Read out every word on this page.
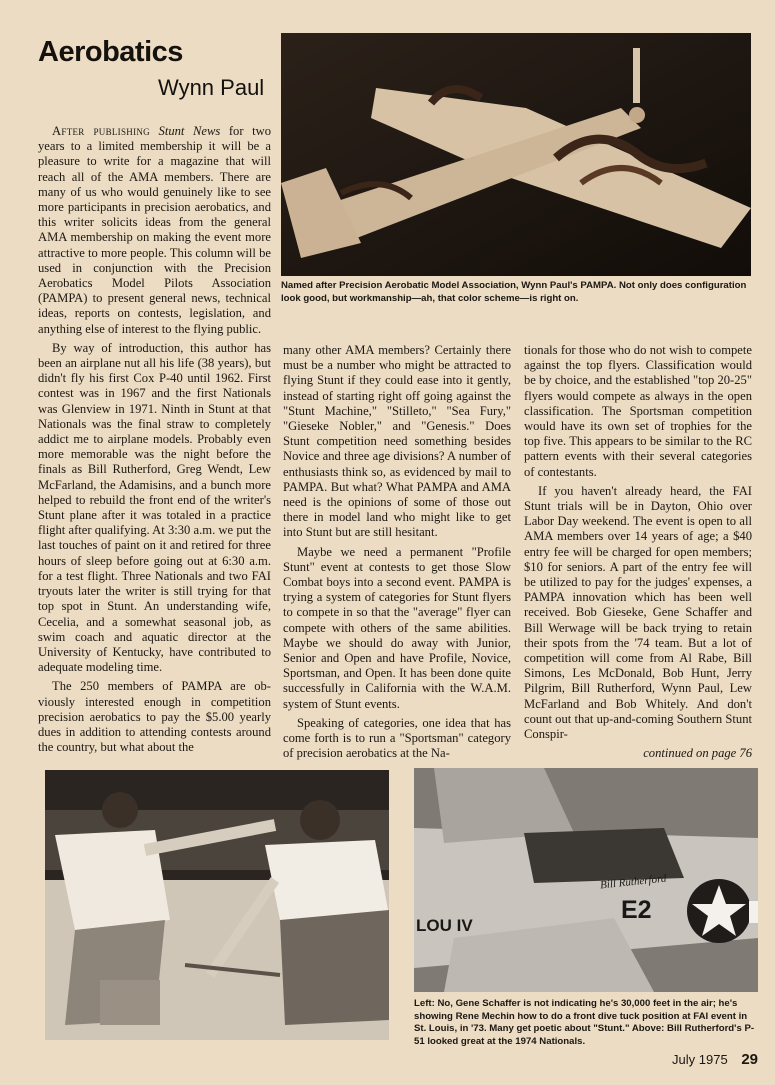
Aerobatics
Wynn Paul
Named after Precision Aerobatic Model Association, Wynn Paul's PAMPA. Not only does configuration look good, but workmanship—ah, that color scheme—is right on.

After publishing Stunt News for two years to a limited membership it will be a pleasure to write for a magazine that will reach all of the AMA members. There are many of us who would genuinely like to see more participants in precision aerobatics, and this writer solicits ideas from the general AMA membership on making the event more attractive to more people. This column will be used in conjunction with the Precision Aerobatics Model Pilots Association (PAMPA) to present general news, technical ideas, reports on contests, legislation, and anything else of interest to the flying public.

By way of introduction, this author has been an airplane nut all his life (38 years), but didn't fly his first Cox P-40 until 1962. First contest was in 1967 and the first Nationals was Glenview in 1971. Ninth in Stunt at that Nationals was the final straw to completely addict me to airplane models. Probably even more memorable was the night before the finals as Bill Rutherford, Greg Wendt, Lew McFarland, the Adamisins, and a bunch more helped to rebuild the front end of the writer's Stunt plane after it was totaled in a practice flight after qualifying. At 3:30 a.m. we put the last touches of paint on it and retired for three hours of sleep before going out at 6:30 a.m. for a test flight. Three Nationals and two FAI tryouts later the writer is still trying for that top spot in Stunt. An understanding wife, Cecelia, and a somewhat seasonal job, as swim coach and aquatic director at the University of Kentucky, have contributed to adequate modeling time.

The 250 members of PAMPA are obviously interested enough in competition precision aerobatics to pay the $5.00 yearly dues in addition to attending contests around the country, but what about the

many other AMA members? Certainly there must be a number who might be attracted to flying Stunt if they could ease into it gently, instead of starting right off going against the "Stunt Machine," "Stilleto," "Sea Fury," "Gieseke Nobler," and "Genesis." Does Stunt competition need something besides Novice and three age divisions? A number of enthusiasts think so, as evidenced by mail to PAMPA. But what? What PAMPA and AMA need is the opinions of some of those out there in model land who might like to get into Stunt but are still hesitant.

Maybe we need a permanent "Profile Stunt" event at contests to get those Slow Combat boys into a second event. PAMPA is trying a system of categories for Stunt flyers to compete in so that the "average" flyer can compete with others of the same abilities. Maybe we should do away with Junior, Senior and Open and have Profile, Novice, Sportsman, and Open. It has been done quite successfully in California with the W.A.M. system of Stunt events.

Speaking of categories, one idea that has come forth is to run a "Sportsman" category of precision aerobatics at the Na-

tionals for those who do not wish to compete against the top flyers. Classification would be by choice, and the established "top 20-25" flyers would compete as always in the open classification. The Sportsman competition would have its own set of trophies for the top five. This appears to be similar to the RC pattern events with their several categories of contestants.

If you haven't already heard, the FAI Stunt trials will be in Dayton, Ohio over Labor Day weekend. The event is open to all AMA members over 14 years of age; a $40 entry fee will be charged for open members; $10 for seniors. A part of the entry fee will be utilized to pay for the judges' expenses, a PAMPA innovation which has been well received. Bob Gieseke, Gene Schaffer and Bill Werwage will be back trying to retain their spots from the '74 team. But a lot of competition will come from Al Rabe, Bill Simons, Les McDonald, Bob Hunt, Jerry Pilgrim, Bill Rutherford, Wynn Paul, Lew McFarland and Bob Whitely. And don't count out that up-and-coming Southern Stunt Conspir-

continued on page 76
LOU IV
Bill Rutherford
E2
Left: No, Gene Schaffer is not indicating he's 30,000 feet in the air; he's showing Rene Mechin how to do a front dive tuck position at FAI event in St. Louis, in '73. Many get poetic about "Stunt." Above: Bill Rutherford's P-51 looked great at the 1974 Nationals.
July 1975 29
